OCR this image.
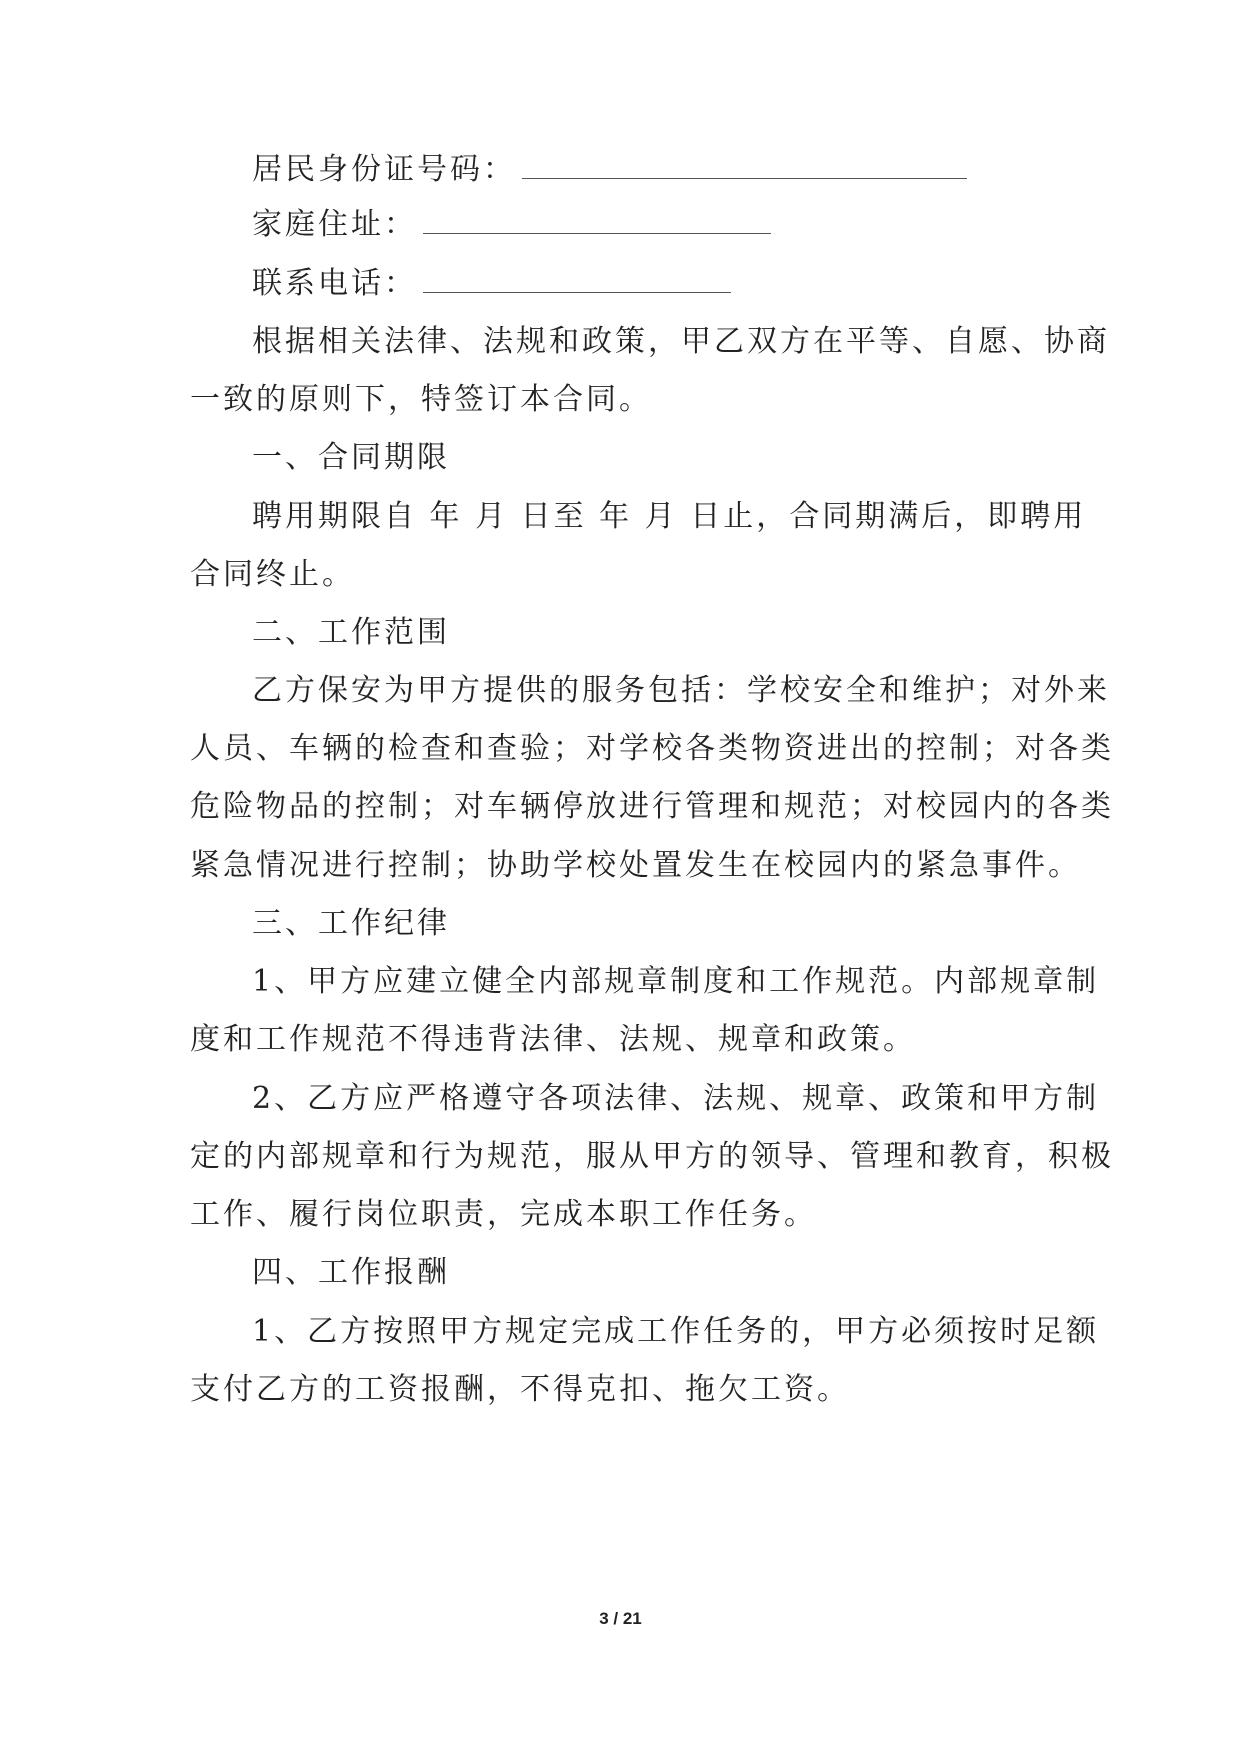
居民身份证号码：
家庭住址：
联系电话：
根据相关法律、法规和政策，甲乙双方在平等、自愿、协商
一致的原则下，特签订本合同。
一、合同期限
聘用期限自 年 月 日至 年 月 日止，合同期满后，即聘用
合同终止。
二、工作范围
乙方保安为甲方提供的服务包括：学校安全和维护；对外来
人员、车辆的检查和查验；对学校各类物资进出的控制；对各类
危险物品的控制；对车辆停放进行管理和规范；对校园内的各类
紧急情况进行控制；协助学校处置发生在校园内的紧急事件。
三、工作纪律
1、甲方应建立健全内部规章制度和工作规范。内部规章制
度和工作规范不得违背法律、法规、规章和政策。
2、乙方应严格遵守各项法律、法规、规章、政策和甲方制
定的内部规章和行为规范，服从甲方的领导、管理和教育，积极
工作、履行岗位职责，完成本职工作任务。
四、工作报酬
1、乙方按照甲方规定完成工作任务的，甲方必须按时足额
支付乙方的工资报酬，不得克扣、拖欠工资。
3 / 21
